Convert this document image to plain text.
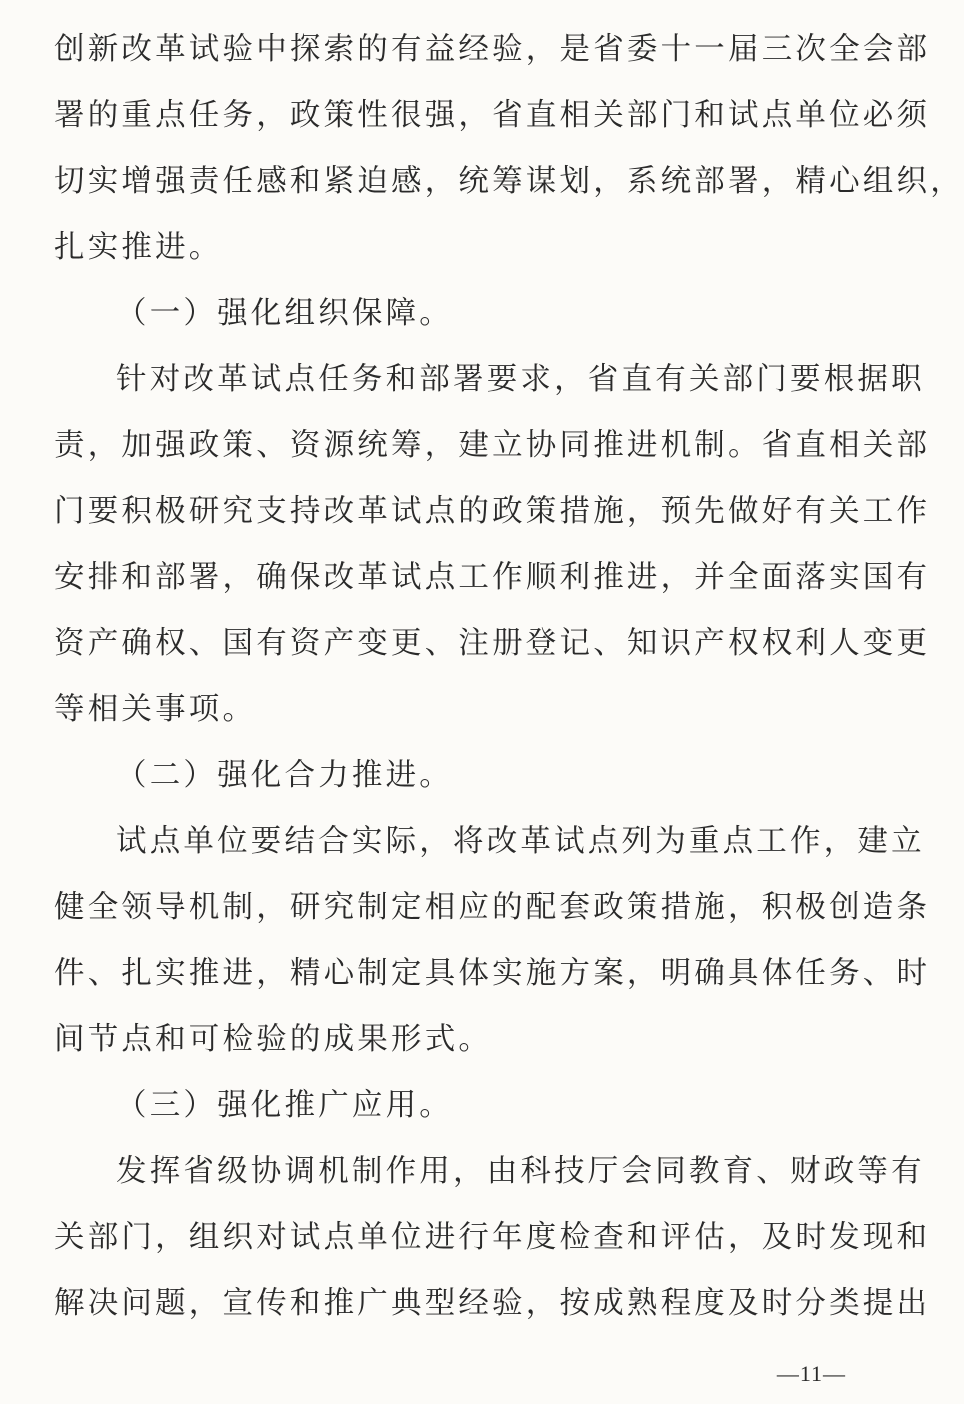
创新改革试验中探索的有益经验，是省委十一届三次全会部
署的重点任务，政策性很强，省直相关部门和试点单位必须
切实增强责任感和紧迫感，统筹谋划，系统部署，精心组织，
扎实推进。
（一）强化组织保障。
针对改革试点任务和部署要求，省直有关部门要根据职
责，加强政策、资源统筹，建立协同推进机制。省直相关部
门要积极研究支持改革试点的政策措施，预先做好有关工作
安排和部署，确保改革试点工作顺利推进，并全面落实国有
资产确权、国有资产变更、注册登记、知识产权权利人变更
等相关事项。
（二）强化合力推进。
试点单位要结合实际，将改革试点列为重点工作，建立
健全领导机制，研究制定相应的配套政策措施，积极创造条
件、扎实推进，精心制定具体实施方案，明确具体任务、时
间节点和可检验的成果形式。
（三）强化推广应用。
发挥省级协调机制作用，由科技厅会同教育、财政等有
关部门，组织对试点单位进行年度检查和评估，及时发现和
解决问题，宣传和推广典型经验，按成熟程度及时分类提出
—11—
